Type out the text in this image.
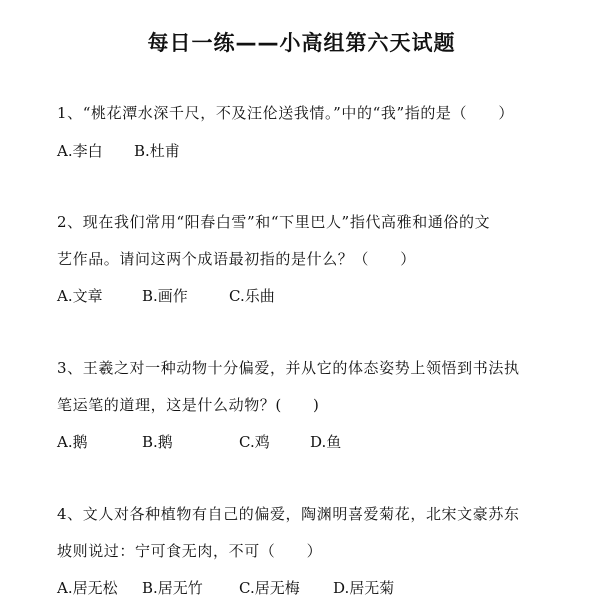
每日一练——小高组第六天试题
1、“桃花潭水深千尺，不及汪伦送我情。”中的“我”指的是（　　）
A.李白 B.杜甫
2、现在我们常用“阳春白雪”和“下里巴人”指代高雅和通俗的文
艺作品。请问这两个成语最初指的是什么？（　　）
A.文章	B.画作	C.乐曲
3、王羲之对一种动物十分偏爱，并从它的体态姿势上领悟到书法执
笔运笔的道理，这是什么动物？(　　)
A.鹅	B.鹅	C.鸡	D.鱼
4、文人对各种植物有自己的偏爱，陶渊明喜爱菊花，北宋文豪苏东
坡则说过：宁可食无肉，不可（　　）
A.居无松 B.居无竹 C.居无梅 D.居无菊
